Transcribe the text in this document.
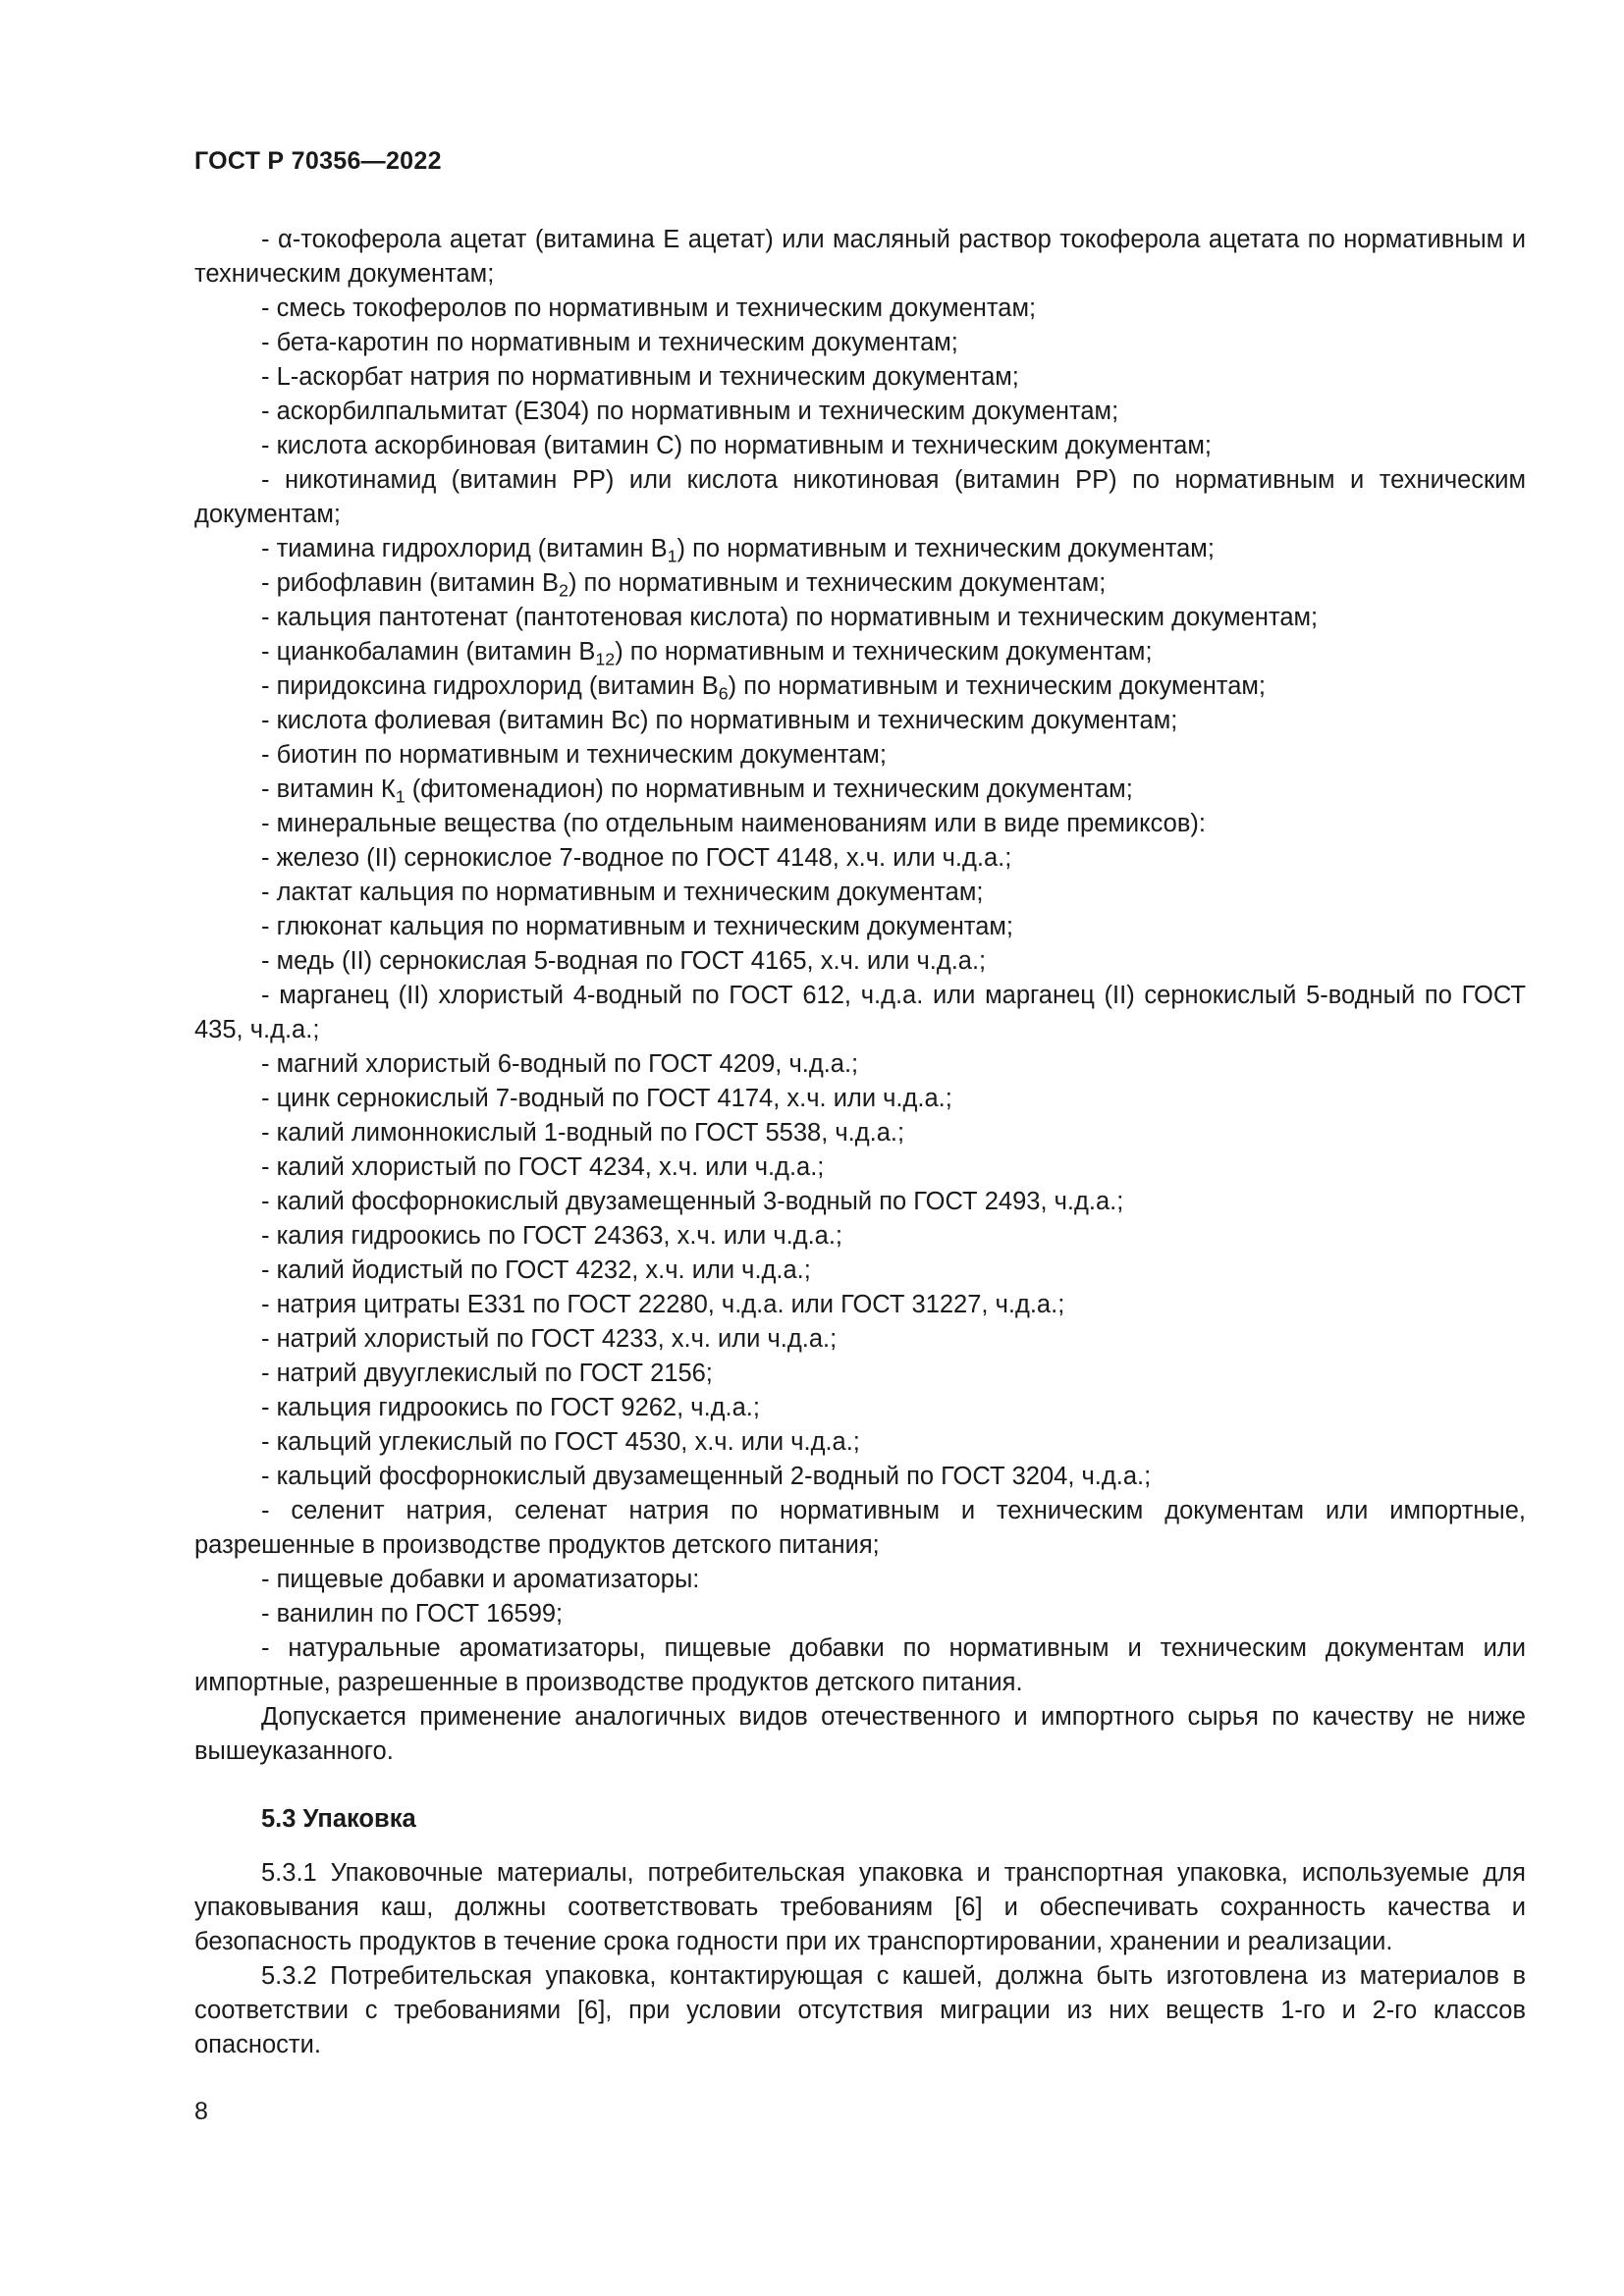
ГОСТ Р 70356—2022

- α-токоферола ацетат (витамина Е ацетат) или масляный раствор токоферола ацетата по нормативным и техническим документам;

- смесь токоферолов по нормативным и техническим документам;

- бета-каротин по нормативным и техническим документам;

- L-аскорбат натрия по нормативным и техническим документам;

- аскорбилпальмитат (Е304) по нормативным и техническим документам;

- кислота аскорбиновая (витамин С) по нормативным и техническим документам;

- никотинамид (витамин РР) или кислота никотиновая (витамин РР) по нормативным и техническим документам;

- тиамина гидрохлорид (витамин $В_1$) по нормативным и техническим документам;

- рибофлавин (витамин $В_2$) по нормативным и техническим документам;

- кальция пантотенат (пантотеновая кислота) по нормативным и техническим документам;

- цианкобаламин (витамин $В_{12}$) по нормативным и техническим документам;

- пиридоксина гидрохлорид (витамин $В_6$) по нормативным и техническим документам;

- кислота фолиевая (витамин Вс) по нормативным и техническим документам;

- биотин по нормативным и техническим документам;

- витамин $К_1$ (фитоменадион) по нормативным и техническим документам;

- минеральные вещества (по отдельным наименованиям или в виде премиксов):

- железо (II) сернокислое 7-водное по ГОСТ 4148, х.ч. или ч.д.а.;

- лактат кальция по нормативным и техническим документам;

- глюконат кальция по нормативным и техническим документам;

- медь (II) сернокислая 5-водная по ГОСТ 4165, х.ч. или ч.д.а.;

- марганец (II) хлористый 4-водный по ГОСТ 612, ч.д.а. или марганец (II) сернокислый 5-водный по ГОСТ 435, ч.д.а.;

- магний хлористый 6-водный по ГОСТ 4209, ч.д.а.;

- цинк сернокислый 7-водный по ГОСТ 4174, х.ч. или ч.д.а.;

- калий лимоннокислый 1-водный по ГОСТ 5538, ч.д.а.;

- калий хлористый по ГОСТ 4234, х.ч. или ч.д.а.;

- калий фосфорнокислый двузамещенный 3-водный по ГОСТ 2493, ч.д.а.;

- калия гидроокись по ГОСТ 24363, х.ч. или ч.д.а.;

- калий йодистый по ГОСТ 4232, х.ч. или ч.д.а.;

- натрия цитраты Е331 по ГОСТ 22280, ч.д.а. или ГОСТ 31227, ч.д.а.;

- натрий хлористый по ГОСТ 4233, х.ч. или ч.д.а.;

- натрий двууглекислый по ГОСТ 2156;

- кальция гидроокись по ГОСТ 9262, ч.д.а.;

- кальций углекислый по ГОСТ 4530, х.ч. или ч.д.а.;

- кальций фосфорнокислый двузамещенный 2-водный по ГОСТ 3204, ч.д.а.;

- селенит натрия, селенат натрия по нормативным и техническим документам или импортные, разрешенные в производстве продуктов детского питания;

- пищевые добавки и ароматизаторы:

- ванилин по ГОСТ 16599;

- натуральные ароматизаторы, пищевые добавки по нормативным и техническим документам или импортные, разрешенные в производстве продуктов детского питания.

Допускается применение аналогичных видов отечественного и импортного сырья по качеству не ниже вышеуказанного.

5.3 Упаковка

5.3.1 Упаковочные материалы, потребительская упаковка и транспортная упаковка, используемые для упаковывания каш, должны соответствовать требованиям [6] и обеспечивать сохранность качества и безопасность продуктов в течение срока годности при их транспортировании, хранении и реализации.

5.3.2 Потребительская упаковка, контактирующая с кашей, должна быть изготовлена из материалов в соответствии с требованиями [6], при условии отсутствия миграции из них веществ 1-го и 2-го классов опасности.

8
